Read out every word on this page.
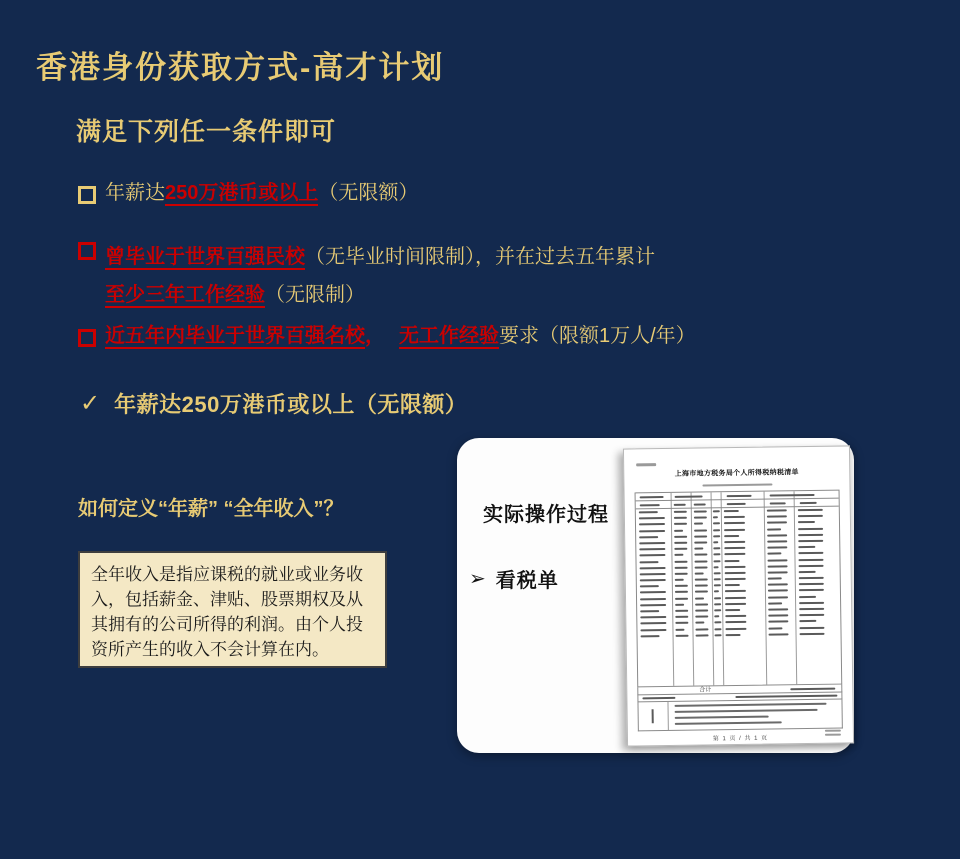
香港身份获取方式-高才计划
满足下列任一条件即可
年薪达250万港币或以上（无限额）
曾毕业于世界百强民校（无毕业时间限制），并在过去五年累计
至少三年工作经验（无限制）
近五年内毕业于世界百强名校， 无工作经验要求（限额1万人/年）
✓ 年薪达250万港币或以上（无限额）
如何定义“年薪” “全年收入”？
全年收入是指应课税的就业或业务收入，包括薪金、津贴、股票期权及从其拥有的公司所得的利润。由个人投资所产生的收入不会计算在内。
实际操作过程
➢ 看税单
上海市地方税务局个人所得税纳税清单
合计
第 1 页 / 共 1 页
